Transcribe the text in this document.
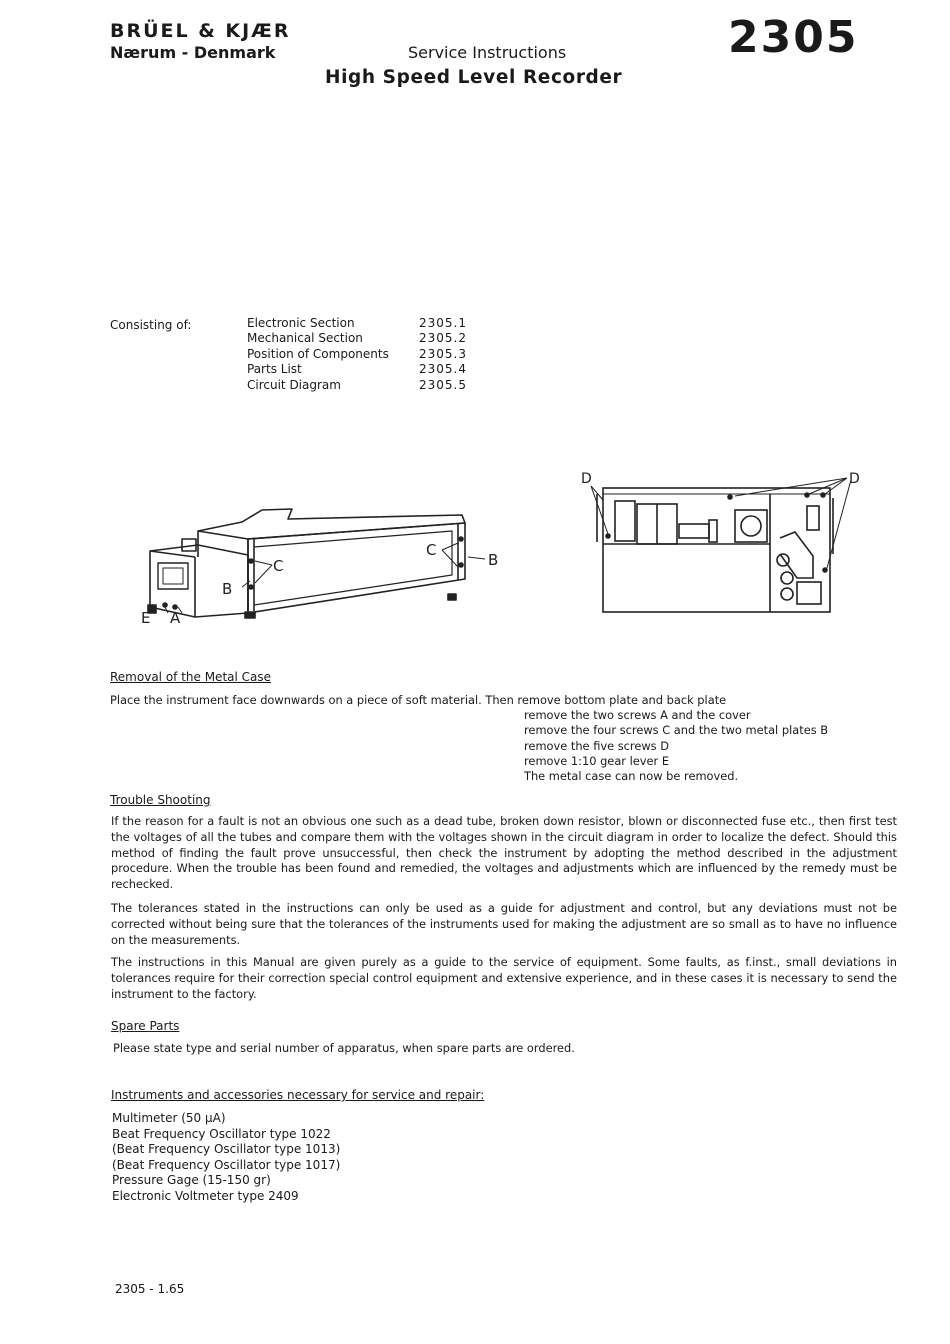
BRÜEL & KJÆR
Nærum - Denmark	Service Instructions
High Speed Level Recorder
2305
Consisting of:	Electronic Section	2305.1
Mechanical Section	2305.2
Position of Components	2305.3
Parts List	2305.4
Circuit Diagram	2305.5
C
C
B
B
E A
D	D
Removal of the Metal Case
Place the instrument face downwards on a piece of soft material. Then remove bottom plate and back plate
remove the two screws A and the cover
remove the four screws C and the two metal plates B
remove the five screws D
remove 1:10 gear lever E
The metal case can now be removed.
Trouble Shooting
If the reason for a fault is not an obvious one such as a dead tube, broken down resistor, blown or disconnected fuse etc., then first test the voltages of all the tubes and compare them with the voltages shown in the circuit diagram in order to localize the defect. Should this method of finding the fault prove unsuccessful, then check the instrument by adopting the method described in the adjustment procedure. When the trouble has been found and remedied, the voltages and adjustments which are influenced by the remedy must be rechecked.
The tolerances stated in the instructions can only be used as a guide for adjustment and control, but any deviations must not be corrected without being sure that the tolerances of the instruments used for making the adjustment are so small as to have no influence on the measurements.
The instructions in this Manual are given purely as a guide to the service of equipment. Some faults, as f.inst., small deviations in tolerances require for their correction special control equipment and extensive experience, and in these cases it is necessary to send the instrument to the factory.
Spare Parts
Please state type and serial number of apparatus, when spare parts are ordered.
Instruments and accessories necessary for service and repair:
Multimeter (50 µA)
Beat Frequency Oscillator type 1022
(Beat Frequency Oscillator type 1013)
(Beat Frequency Oscillator type 1017)
Pressure Gage (15-150 gr)
Electronic Voltmeter type 2409
2305 - 1.65
